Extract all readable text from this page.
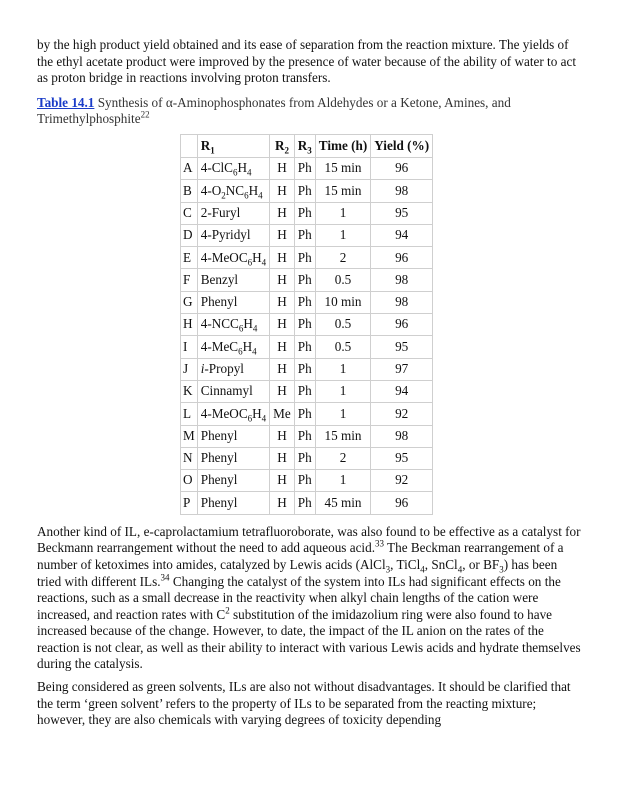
by the high product yield obtained and its ease of separation from the reaction mixture. The yields of the ethyl acetate product were improved by the presence of water because of the ability of water to act as proton bridge in reactions involving proton transfers.

Table 14.1 Synthesis of α-Aminophosphonates from Aldehydes or a Ketone, Amines, and Trimethylphosphite$^{22}$

	$R_1$	$R_2$	$R_3$	Time (h)	Yield (%)
A	$4-ClC_6H_4$	H	Ph	15 min	96
B	$4-O_2NC_6H_4$	H	Ph	15 min	98
C	2-Furyl	H	Ph	1	95
D	4-Pyridyl	H	Ph	1	94
E	$4-MeOC_6H_4$	H	Ph	2	96
F	Benzyl	H	Ph	0.5	98
G	Phenyl	H	Ph	10 min	98
H	$4-NCC_6H_4$	H	Ph	0.5	96
I	$4-MeC_6H_4$	H	Ph	0.5	95
J	i-Propyl	H	Ph	1	97
K	Cinnamyl	H	Ph	1	94
L	$4-MeOC_6H_4$	Me	Ph	1	92
M	Phenyl	H	Ph	15 min	98
N	Phenyl	H	Ph	2	95
O	Phenyl	H	Ph	1	92
P	Phenyl	H	Ph	45 min	96

Another kind of IL, e-caprolactamium tetrafluoroborate, was also found to be effective as a catalyst for Beckmann rearrangement without the need to add aqueous acid.$^{33}$ The Beckman rearrangement of a number of ketoximes into amides, catalyzed by Lewis acids (AlCl$_3$, TiCl$_4$, SnCl$_4$, or $BF_3$) has been tried with different ILs.$^{34}$ Changing the catalyst of the system into ILs had significant effects on the reactions, such as a small decrease in the reactivity when alkyl chain lengths of the cation were increased, and reaction rates with $C^2$ substitution of the imidazolium ring were also found to have increased because of the change. However, to date, the impact of the IL anion on the rates of the reaction is not clear, as well as their ability to interact with various Lewis acids and hydrate themselves during the catalysis.

Being considered as green solvents, ILs are also not without disadvantages. It should be clarified that the term ‘green solvent’ refers to the property of ILs to be separated from the reacting mixture; however, they are also chemicals with varying degrees of toxicity depending
